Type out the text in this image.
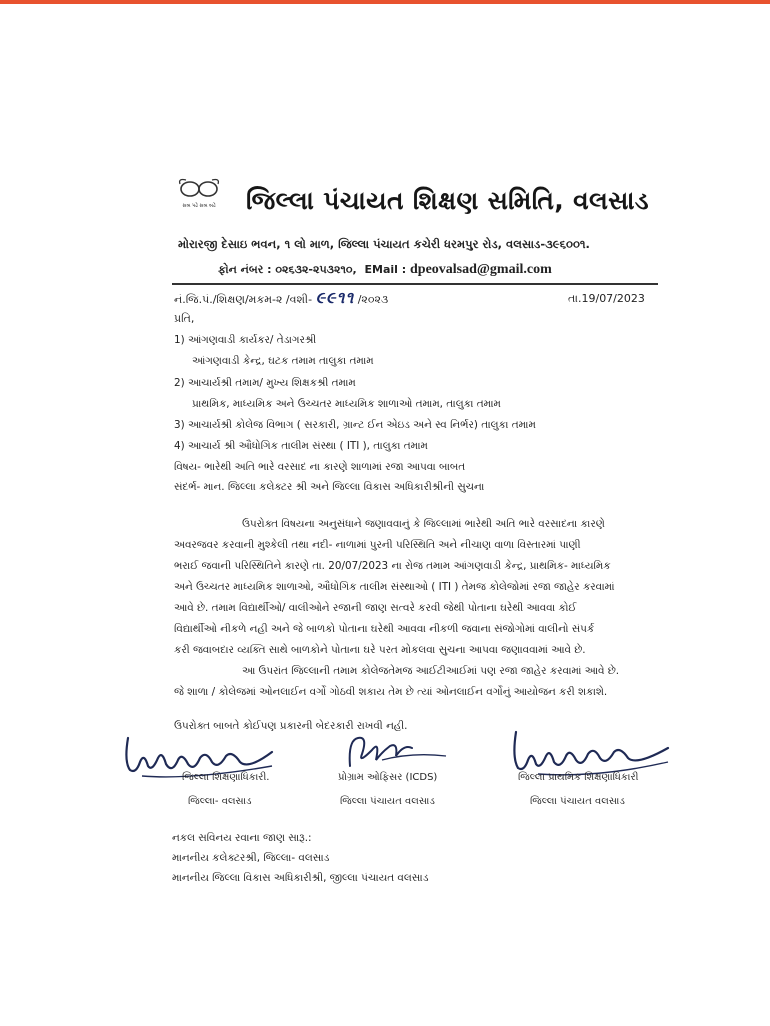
સબ પઢે સબ બઢે જિલ્લા પંચાયત શિક્ષણ સમિતિ, વલસાડ
મોરારજી દેસાઇ ભવન, ૧ લો માળ, જિલ્લા પંચાયત કચેરી ધરમપુર રોડ, વલસાડ-૩૯૬૦૦૧.
ફોન નંબર : ૦૨૬૩૨-૨૫૩૨૧૦, EMail : dpeovalsad@gmail.com
નં.જિ.પં./શિક્ષણ/મકમ-૨ /વશી- ૯૯૧૧ /૨૦૨૩	તા.19/07/2023
પ્રતિ,
1) આંગણવાડી કાર્યકર/ તેડાગરશ્રી
આંગણવાડી કેન્દ્ર, ઘટક તમામ તાલુકા તમામ
2) આચાર્યશ્રી તમામ/ મુખ્ય શિક્ષકશ્રી તમામ
પ્રાથમિક, માધ્યમિક અને ઉચ્ચતર માધ્યમિક શાળાઓ તમામ, તાલુકા તમામ
3) આચાર્યશ્રી કોલેજ વિભાગ ( સરકારી, ગ્રાન્ટ ઈન એઇડ અને સ્વ નિર્ભર) તાલુકા તમામ
4) આચાર્ય શ્રી ઔધોગિક તાલીમ સંસ્થા ( ITI ), તાલુકા તમામ
વિષય- ભારેથી અતિ ભારે વરસાદ ના કારણે શાળામાં રજા આપવા બાબત
સંદર્ભ- માન. જિલ્લા કલેક્ટર શ્રી અને જિલ્લા વિકાસ અધિકારીશ્રીની સુચના
ઉપરોક્ત વિષયના અનુસંધાને જણાવવાનું કે જિલ્લામાં ભારેથી અતિ ભારે વરસાદના કારણે
અવરજવર કરવાની મુશ્કેલી તથા નદી- નાળામાં પુરની પરિસ્થિતિ અને નીચાણ વાળા વિસ્તારમાં પાણી
ભરાઈ જવાની પરિસ્થિતિને કારણે તા. 20/07/2023 ના રોજ તમામ આંગણવાડી કેન્દ્ર, પ્રાથમિક- માધ્યમિક
અને ઉચ્ચતર માધ્યમિક શાળાઓ, ઔધોગિક તાલીમ સંસ્થાઓ ( ITI ) તેમજ કોલેજોમાં રજા જાહેર કરવામાં
આવે છે. તમામ વિદ્યાર્થીઓ/ વાલીઓને રજાની જાણ સત્વરે કરવી જેથી પોતાના ઘરેથી આવવા કોઈ
વિદ્યાર્થીઓ નીકળે નહી અને જે બાળકો પોતાના ઘરેથી આવવા નીકળી જવાના સંજોગોમાં વાલીનો સંપર્ક
કરી જવાબદાર વ્યક્તિ સાથે બાળકોને પોતાના ઘરે પરત મોકલવા સુચના આપવા જણાવવામાં આવે છે.
આ ઉપરાંત જિલ્લાની તમામ કોલેજતેમજ આઈટીઆઈમાં પણ રજા જાહેર કરવામાં આવે છે.
જે શાળા / કોલેજમાં ઓનલાઈન વર્ગો ગોઠવી શકાય તેમ છે ત્યાં ઓનલાઈન વર્ગોનું આયોજન કરી શકાશે.
ઉપરોક્ત બાબતે કોઈપણ પ્રકારની બેદરકારી રાખવી નહી.
જિલ્લા શિક્ષણાધિકારી.
જિલ્લા- વલસાડ
પ્રોગ્રામ ઓફિસર (ICDS)
જિલ્લા પંચાયત વલસાડ
જિલ્લા પ્રાથમિક શિક્ષણાધિકારી
જિલ્લા પંચાયત વલસાડ
નકલ સવિનય રવાના જાણ સારૂ.:
માનનીય કલેક્ટરશ્રી, જિલ્લા- વલસાડ
માનનીય જિલ્લા વિકાસ અધિકારીશ્રી, જીલ્લા પંચાયત વલસાડ
